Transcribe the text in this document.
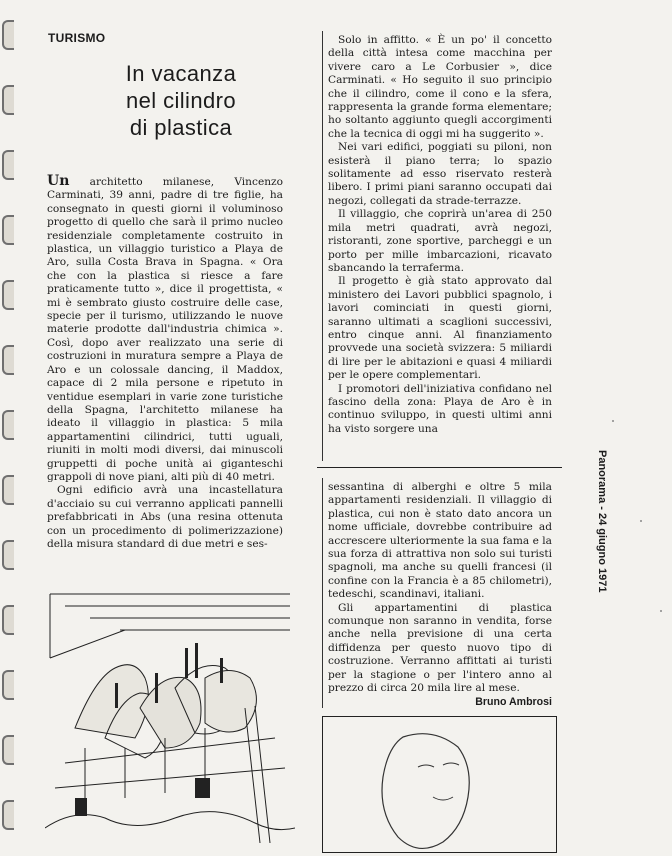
TURISMO
In vacanza
nel cilindro
di plastica

Un architetto milanese, Vincenzo Carminati, 39 anni, padre di tre figlie, ha consegnato in questi giorni il voluminoso progetto di quello che sarà il primo nucleo residenziale completamente costruito in plastica, un villaggio turistico a Playa de Aro, sulla Costa Brava in Spagna. « Ora che con la plastica si riesce a fare praticamente tutto », dice il progettista, « mi è sembrato giusto costruire delle case, specie per il turismo, utilizzando le nuove materie prodotte dall'industria chimica ». Così, dopo aver realizzato una serie di costruzioni in muratura sempre a Playa de Aro e un colossale dancing, il Maddox, capace di 2 mila persone e ripetuto in ventidue esemplari in varie zone turistiche della Spagna, l'architetto milanese ha ideato il villaggio in plastica: 5 mila appartamentini cilindrici, tutti uguali, riuniti in molti modi diversi, dai minuscoli gruppetti di poche unità ai giganteschi grappoli di nove piani, alti più di 40 metri.

Ogni edificio avrà una incastellatura d'acciaio su cui verranno applicati pannelli prefabbricati in Abs (una resina ottenuta con un procedimento di polimerizzazione) della misura standard di due metri e ses-

Solo in affitto. « È un po' il concetto della città intesa come macchina per vivere caro a Le Corbusier », dice Carminati. « Ho seguito il suo principio che il cilindro, come il cono e la sfera, rappresenta la grande forma elementare; ho soltanto aggiunto quegli accorgimenti che la tecnica di oggi mi ha suggerito ».

Nei vari edifici, poggiati su piloni, non esisterà il piano terra; lo spazio solitamente ad esso riservato resterà libero. I primi piani saranno occupati dai negozi, collegati da strade-terrazze.

Il villaggio, che coprirà un'area di 250 mila metri quadrati, avrà negozi, ristoranti, zone sportive, parcheggi e un porto per mille imbarcazioni, ricavato sbancando la terraferma.

Il progetto è già stato approvato dal ministero dei Lavori pubblici spagnolo, i lavori cominciati in questi giorni, saranno ultimati a scaglioni successivi, entro cinque anni. Al finanziamento provvede una società svizzera: 5 miliardi di lire per le abitazioni e quasi 4 miliardi per le opere complementari.

I promotori dell'iniziativa confidano nel fascino della zona: Playa de Aro è in continuo sviluppo, in questi ultimi anni ha visto sorgere una

sessantina di alberghi e oltre 5 mila appartamenti residenziali. Il villaggio di plastica, cui non è stato dato ancora un nome ufficiale, dovrebbe contribuire ad accrescere ulteriormente la sua fama e la sua forza di attrattiva non solo sui turisti spagnoli, ma anche su quelli francesi (il confine con la Francia è a 85 chilometri), tedeschi, scandinavi, italiani.

Gli appartamentini di plastica comunque non saranno in vendita, forse anche nella previsione di una certa diffidenza per questo nuovo tipo di costruzione. Verranno affittati ai turisti per la stagione o per l'intero anno al prezzo di circa 20 mila lire al mese.

Bruno Ambrosi
Panorama - 24 giugno 1971
